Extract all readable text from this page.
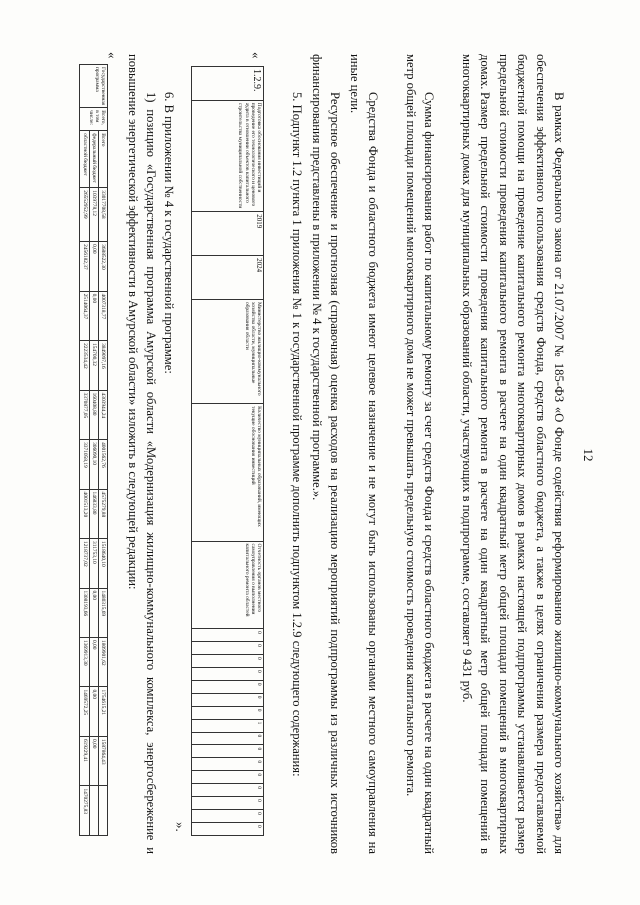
12
В рамках Федерального закона от 21.07.2007 № 185-ФЗ «О Фонде содействия реформированию жилищно-коммунального хозяйства» для обеспечения эффективного использования средств Фонда, средств областного бюджета, а также в целях ограничения размера предоставляемой бюджетной помощи на проведение капитального ремонта многоквартирных домов в рамках настоящей подпрограммы устанавливается размер предельной стоимости проведения капитального ремонта в расчете на один квадратный метр общей площади помещений в многоквартирных домах.
Размер предельной стоимости проведения капитального ремонта в расчете на один квадратный метр общей площади помещений в многоквартирных домах для муниципальных образований области, участвующих в подпрограмме, составляет 9 431 руб.
Сумма финансирования работ по капитальному ремонту за счет средств Фонда и средств областного бюджета в расчете на один квадратный метр общей площади помещений многоквартирного дома не может превышать предельную стоимость проведения капитального ремонта.
Средства Фонда и областного бюджета имеют целевое назначение и не могут быть использованы органами местного самоуправления на иные цели.
Ресурсное обеспечение и прогнозная (справочная) оценка расходов на реализацию мероприятий подпрограммы из различных источников финансирования представлены в приложении № 4 к государственной программе.».
5. Подпункт 1.2 пункта 1 приложения № 1 к государственной программе дополнить подпунктом 1.2.9 следующего содержания:
«
1.2.9.	Подготовка обоснования инвестиций и проведение его технологического и ценового аудита в отношении объектов капитального строительства муниципальной собственности	2019	2024	Министерство жилищно-коммунального хозяйства области, муниципальные образования области	Количество муниципальных образований, имеющих текущие обоснования инвестиций	Отчетность органов местного самоуправления о выполнении капитального ремонта областей	0	0	0	0	0	0	0	1	0	0	0	0	0	0	0	0
».
6. В приложении № 4 к государственной программе:
1) позицию «Государственная программа Амурской области «Модернизация жилищно-коммунального комплекса, энергосбережение и повышение энергетической эффективности в Амурской области» изложить в следующей редакции:
«
Государственная программа	Всего, в том числе:	Всего	33017708,58	3688522,30	4007318,77	3849097,16	4303944,24	4001562,76	4575279,88	1518640,10	1480315,69	1809901,62	1754615,21	1587864,43	
		федеральный бюджет	1039778,12	0,00	0,00	154700,32	160408,80	306090,10	146833,80	311753,10	0,00	0,00	0,00	0,00	
		областной бюджет	26552952,99	2456182,37	2514064,37	2223534,42	3370877,05	3371058,19	4001513,20	1218737,02	1308193,66	1369913,30	1469572,25	619229,41	1470275,83
